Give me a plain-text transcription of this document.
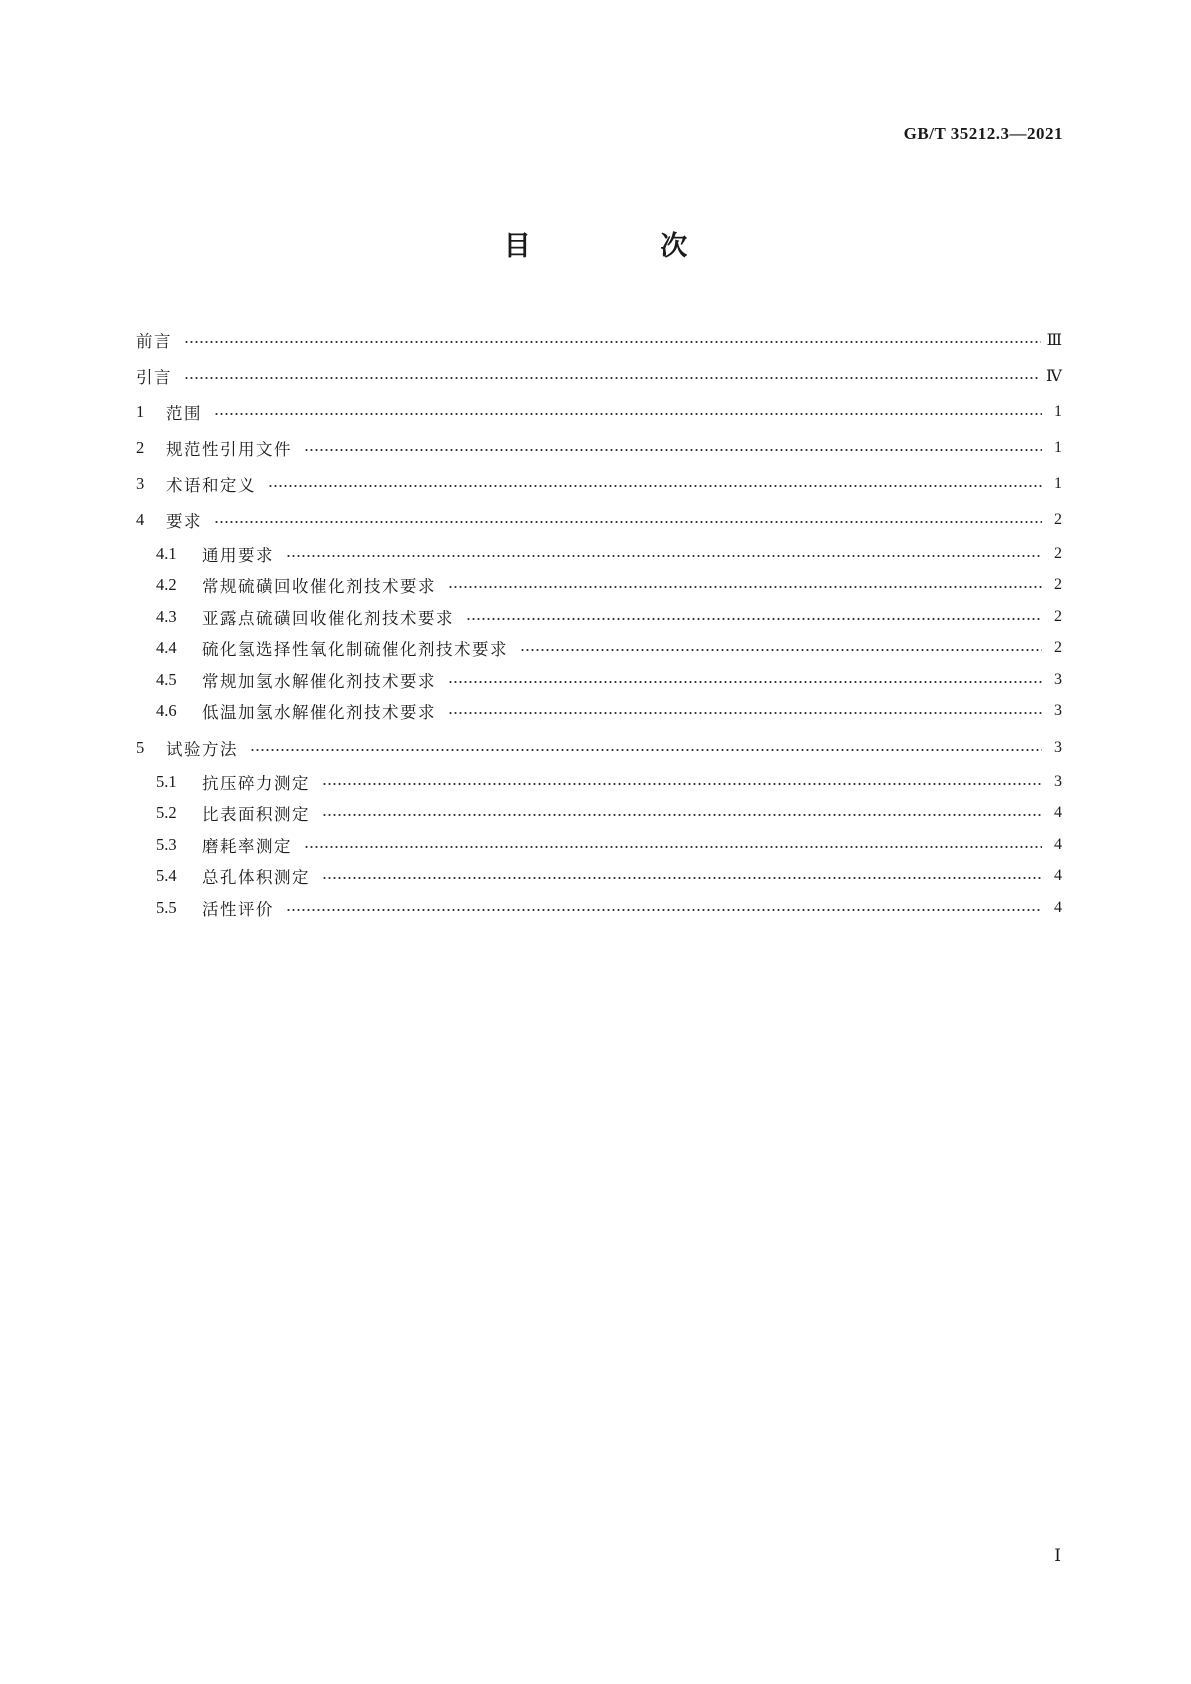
GB/T 35212.3—2021
目 次
前言	Ⅲ
引言	Ⅳ
1	范围	1
2	规范性引用文件	1
3	术语和定义	1
4	要求	2
4.1	通用要求	2
4.2	常规硫磺回收催化剂技术要求	2
4.3	亚露点硫磺回收催化剂技术要求	2
4.4	硫化氢选择性氧化制硫催化剂技术要求	2
4.5	常规加氢水解催化剂技术要求	3
4.6	低温加氢水解催化剂技术要求	3
5	试验方法	3
5.1	抗压碎力测定	3
5.2	比表面积测定	4
5.3	磨耗率测定	4
5.4	总孔体积测定	4
5.5	活性评价	4
Ⅰ
